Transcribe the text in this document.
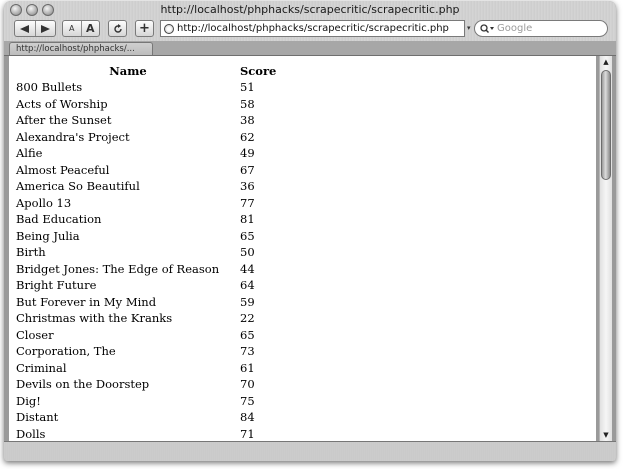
http://localhost/phphacks/scrapecritic/scrapecritic.php
A	A	+	http://localhost/phphacks/scrapecritic/scrapecritic.php	▾	Google
http://localhost/phphacks/...
Name	Score
800 Bullets	51
Acts of Worship	58
After the Sunset	38
Alexandra's Project	62
Alfie	49
Almost Peaceful	67
America So Beautiful	36
Apollo 13	77
Bad Education	81
Being Julia	65
Birth	50
Bridget Jones: The Edge of Reason	44
Bright Future	64
But Forever in My Mind	59
Christmas with the Kranks	22
Closer	65
Corporation, The	73
Criminal	61
Devils on the Doorstep	70
Dig!	75
Distant	84
Dolls	71
▲
▼
